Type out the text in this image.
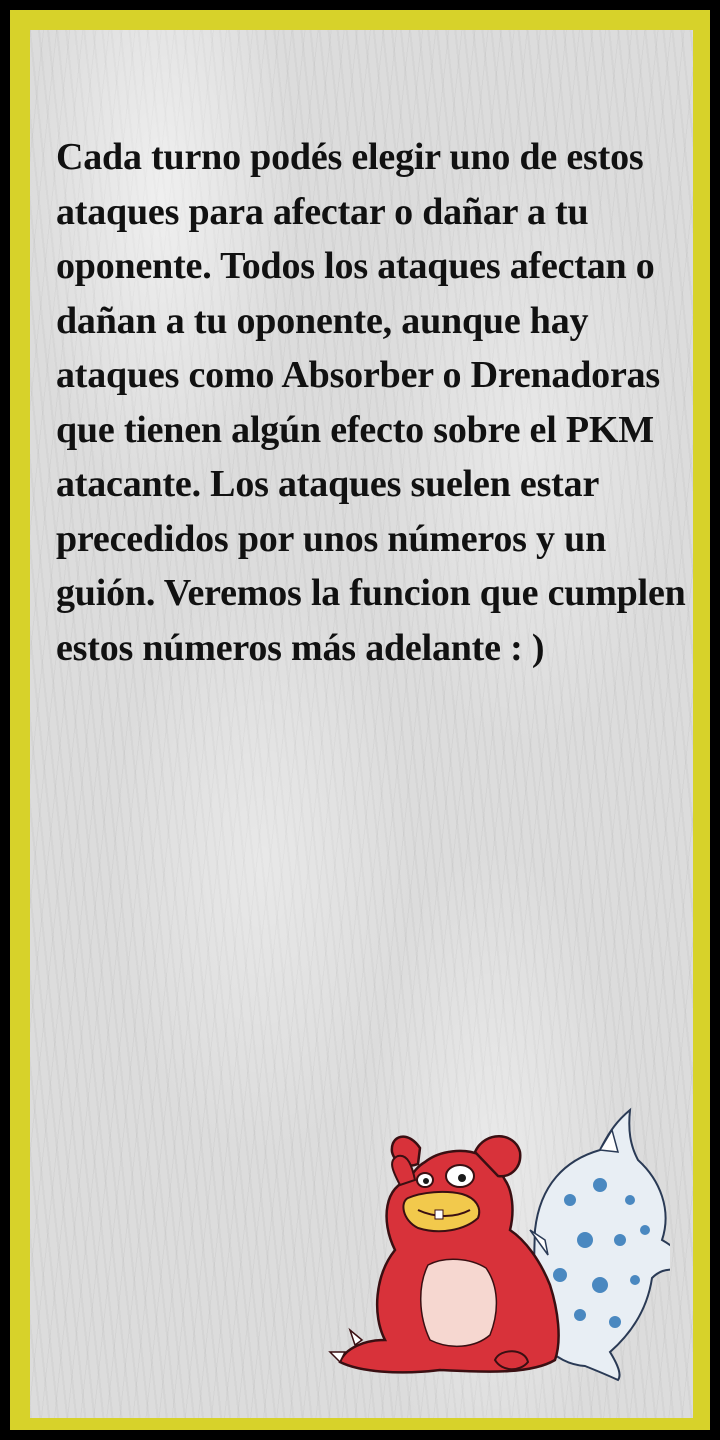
Cada turno podés elegir uno de estos ataques para afectar o dañar a tu oponente. Todos los ataques afectan o dañan a tu oponente, aunque hay ataques como Absorber o Drenadoras que tienen algún efecto sobre el PKM atacante. Los ataques suelen estar precedidos por unos números y un guión. Veremos la funcion que cumplen estos números más adelante : )
